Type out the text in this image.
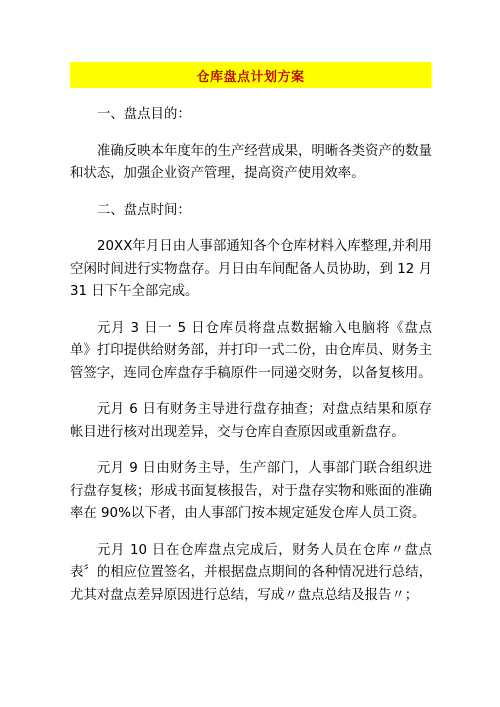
仓库盘点计划方案

一、盘点目的：

准确反映本年度年的生产经营成果，明晰各类资产的数量和状态，加强企业资产管理，提高资产使用效率。

二、盘点时间：

20XX年月日由人事部通知各个仓库材料入库整理,并利用空闲时间进行实物盘存。月日由车间配备人员协助，到 12 月 31 日下午全部完成。

元月 3 日一 5 日仓库员将盘点数据输入电脑将《盘点单》打印提供给财务部，并打印一式二份，由仓库员、财务主管签字，连同仓库盘存手稿原件一同递交财务，以备复核用。

元月 6 日有财务主导进行盘存抽查；对盘点结果和原存帐目进行核对出现差异，交与仓库自查原因或重新盘存。

元月 9 日由财务主导，生产部门，人事部门联合组织进行盘存复核；形成书面复核报告，对于盘存实物和账面的准确率在 90%以下者，由人事部门按本规定延发仓库人员工资。

元月 10 日在仓库盘点完成后，财务人员在仓库〃盘点表〞的相应位置签名，并根据盘点期间的各种情况进行总结，尤其对盘点差异原因进行总结，写成〃盘点总结及报告〃；
